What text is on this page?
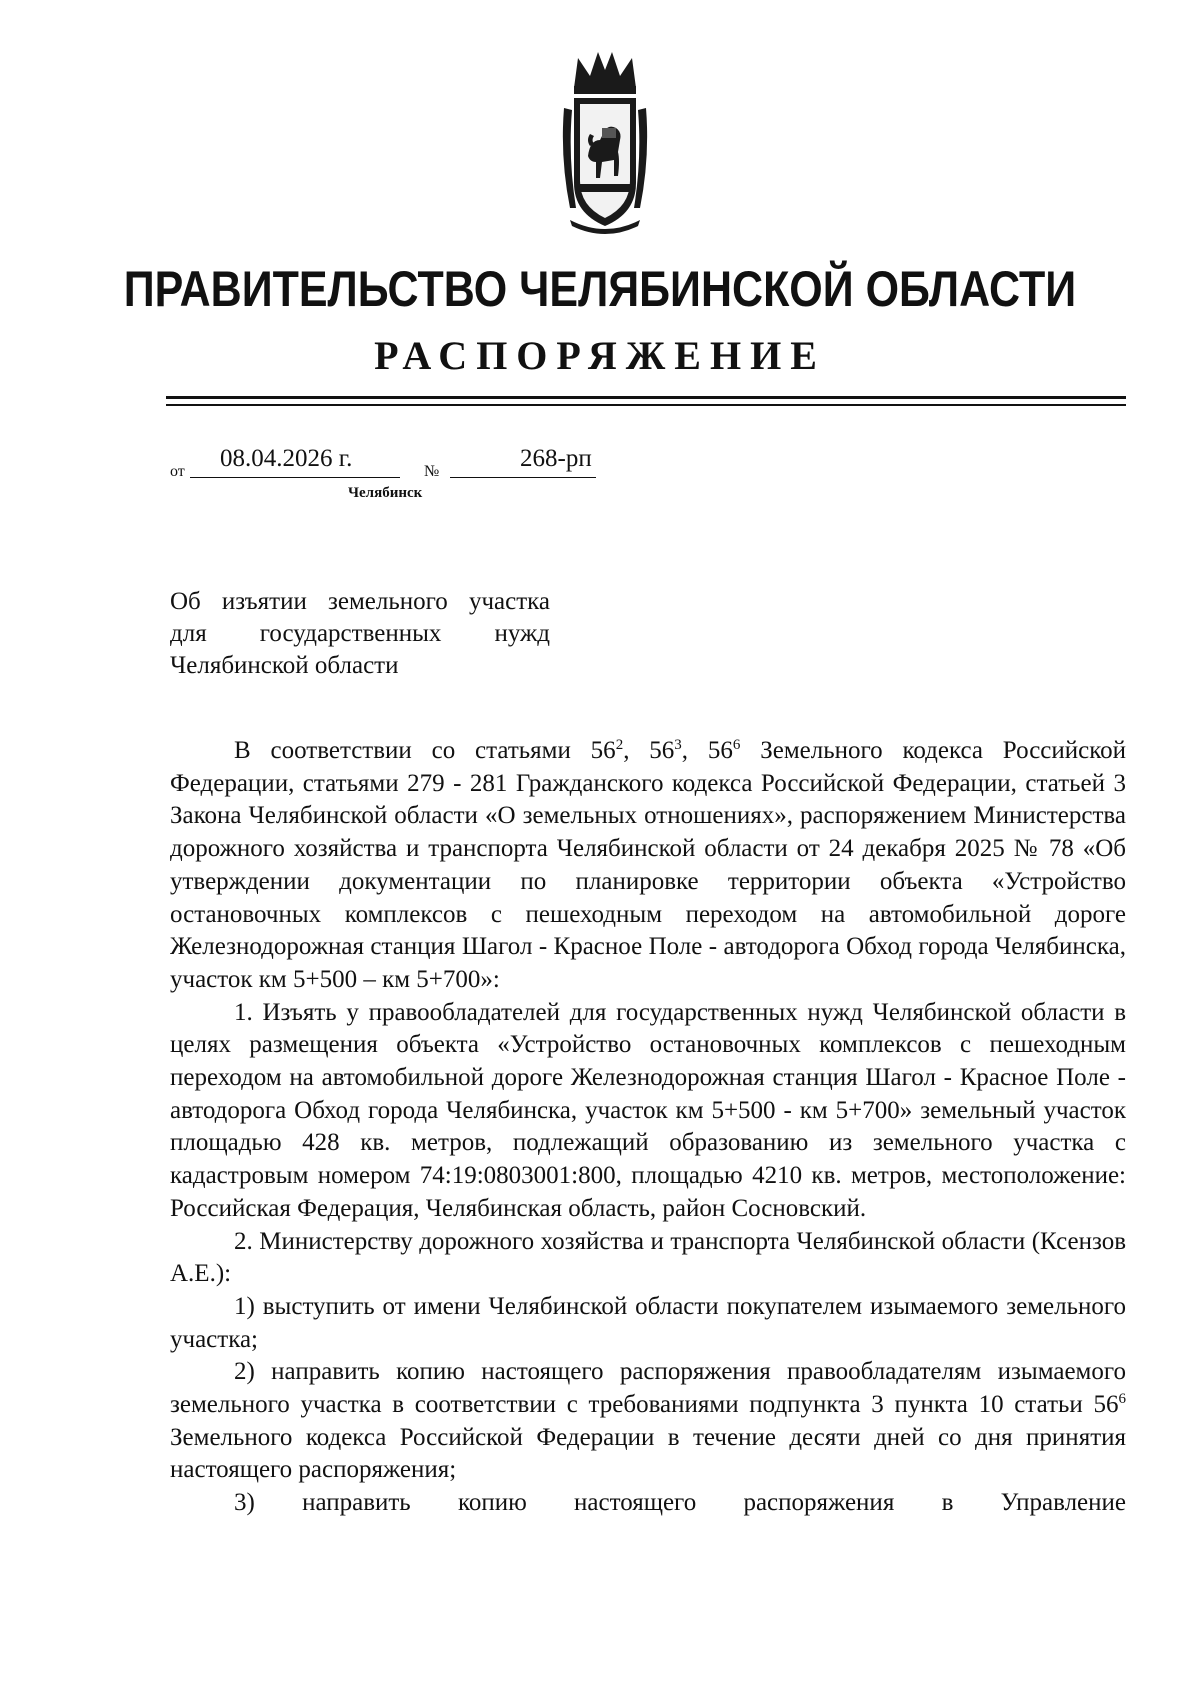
ПРАВИТЕЛЬСТВО ЧЕЛЯБИНСКОЙ ОБЛАСТИ
РАСПОРЯЖЕНИЕ
от 08.04.2026 г.	№	268-рп
Челябинск
Об изъятии земельного участка
для государственных нужд
Челябинской области

В соответствии со статьями $56^2$, $56^3$, $56^6$ Земельного кодекса Российской Федерации, статьями 279 - 281 Гражданского кодекса Российской Федерации, статьей 3 Закона Челябинской области «О земельных отношениях», распоряжением Министерства дорожного хозяйства и транспорта Челябинской области от 24 декабря 2025 № 78 «Об утверждении документации по планировке территории объекта «Устройство остановочных комплексов с пешеходным переходом на автомобильной дороге Железнодорожная станция Шагол - Красное Поле - автодорога Обход города Челябинска, участок км 5+500 – км 5+700»:

1. Изъять у правообладателей для государственных нужд Челябинской области в целях размещения объекта «Устройство остановочных комплексов с пешеходным переходом на автомобильной дороге Железнодорожная станция Шагол - Красное Поле - автодорога Обход города Челябинска, участок км 5+500 - км 5+700» земельный участок площадью 428 кв. метров, подлежащий образованию из земельного участка с кадастровым номером 74:19:0803001:800, площадью 4210 кв. метров, местоположение: Российская Федерация, Челябинская область, район Сосновский.

2. Министерству дорожного хозяйства и транспорта Челябинской области (Ксензов А.Е.):

1) выступить от имени Челябинской области покупателем изымаемого земельного участка;

2) направить копию настоящего распоряжения правообладателям изымаемого земельного участка в соответствии с требованиями подпункта 3 пункта 10 статьи $56^6$ Земельного кодекса Российской Федерации в течение десяти дней со дня принятия настоящего распоряжения;

3) направить копию настоящего распоряжения в Управление
